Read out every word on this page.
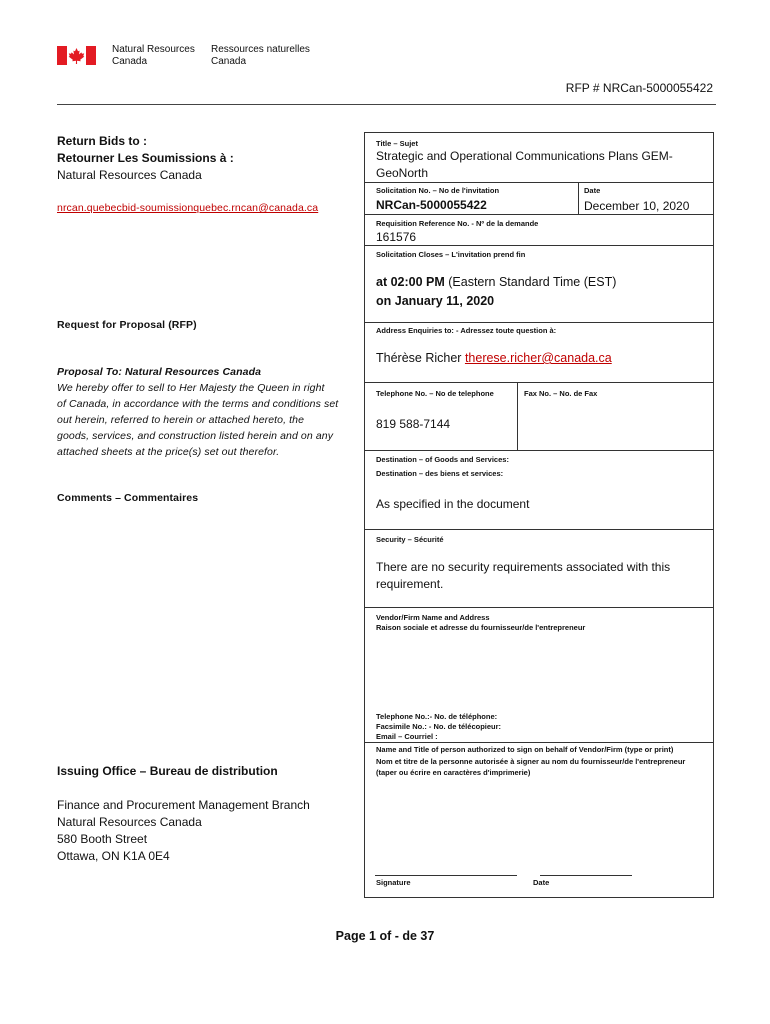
Natural Resources
Canada
Ressources naturelles
Canada
RFP # NRCan-5000055422
Return Bids to :
Retourner Les Soumissions à :
Natural Resources Canada
nrcan.quebecbid-soumissionquebec.rncan@canada.ca
Request for Proposal (RFP)
Proposal To: Natural Resources Canada
We hereby offer to sell to Her Majesty the Queen in right
of Canada, in accordance with the terms and conditions set
out herein, referred to herein or attached hereto, the
goods, services, and construction listed herein and on any
attached sheets at the price(s) set out therefor.
Comments – Commentaires
Issuing Office – Bureau de distribution
Finance and Procurement Management Branch
Natural Resources Canada
580 Booth Street
Ottawa, ON K1A 0E4
Title – Sujet
Strategic and Operational Communications Plans GEM-
GeoNorth
Solicitation No. – No de l'invitation	Date
NRCan-5000055422	December 10, 2020
Requisition Reference No. - Nº de la demande
161576
Solicitation Closes – L'invitation prend fin
at 02:00 PM (Eastern Standard Time (EST)
on January 11, 2020
Address Enquiries to: - Adressez toute question à:
Thérèse Richer therese.richer@canada.ca
Telephone No. – No de telephone	Fax No. – No. de Fax
819 588-7144
Destination – of Goods and Services:
Destination – des biens et services:
As specified in the document
Security – Sécurité
There are no security requirements associated with this
requirement.
Vendor/Firm Name and Address
Raison sociale et adresse du fournisseur/de l'entrepreneur
Telephone No.:- No. de téléphone:
Facsimile No.: - No. de télécopieur:
Email – Courriel :
Name and Title of person authorized to sign on behalf of Vendor/Firm (type or print)
Nom et titre de la personne autorisée à signer au nom du fournisseur/de l'entrepreneur
(taper ou écrire en caractères d'imprimerie)
Signature	Date
Page 1 of - de 37
